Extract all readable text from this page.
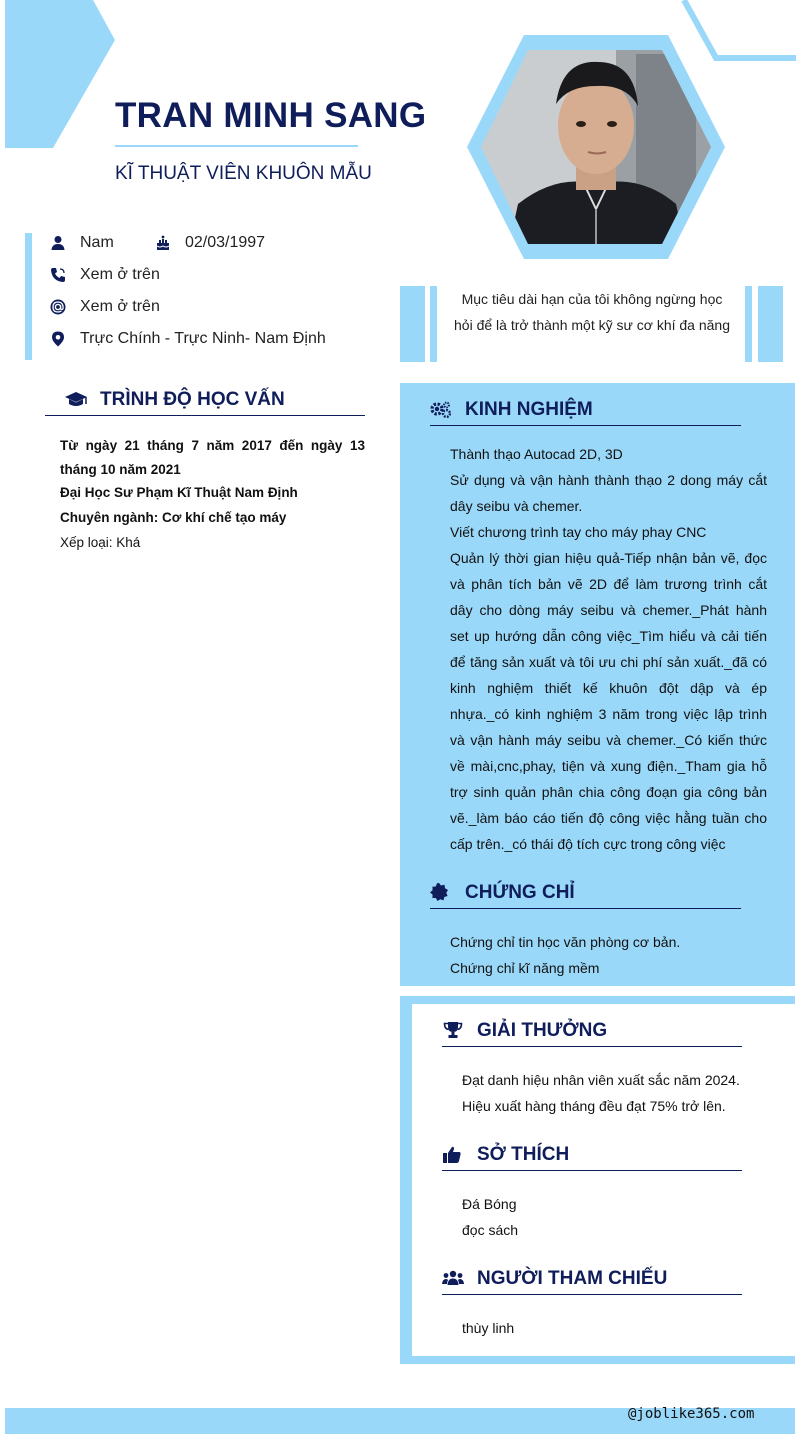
TRAN MINH SANG
KĨ THUẬT VIÊN KHUÔN MẪU
Nam	02/03/1997
Xem ở trên
Xem ở trên
Trực Chính - Trực Ninh- Nam Định
Mục tiêu dài hạn của tôi không ngừng học hỏi để là trở thành một kỹ sư cơ khí đa năng
TRÌNH ĐỘ HỌC VẤN
Từ ngày 21 tháng 7 năm 2017 đến ngày 13 tháng 10 năm 2021
Đại Học Sư Phạm Kĩ Thuật Nam Định
Chuyên ngành: Cơ khí chế tạo máy
Xếp loại: Khá
KINH NGHIỆM
Thành thạo Autocad 2D, 3D
Sử dụng và vận hành thành thạo 2 dong máy cắt dây seibu và chemer.
Viết chương trình tay cho máy phay CNC
Quản lý thời gian hiệu quả-Tiếp nhận bản vẽ, đọc và phân tích bản vẽ 2D để làm trương trình cắt dây cho dòng máy seibu và chemer._Phát hành set up hướng dẫn công việc_Tìm hiểu và cải tiến để tăng sản xuất và tôi ưu chi phí sản xuất._đã có kinh nghiệm thiết kế khuôn đột dập và ép nhựa._có kinh nghiệm 3 năm trong việc lập trình và vận hành máy seibu và chemer._Có kiến thức về mài,cnc,phay, tiện và xung điện._Tham gia hỗ trợ sinh quản phân chia công đoạn gia công bản vẽ._làm báo cáo tiến độ công việc hằng tuần cho cấp trên._có thái độ tích cực trong công việc
CHỨNG CHỈ
Chứng chỉ tin học văn phòng cơ bản.
Chứng chỉ kĩ năng mềm
GIẢI THƯỞNG
Đạt danh hiệu nhân viên xuất sắc năm 2024.
Hiệu xuất hàng tháng đều đạt 75% trở lên.
SỞ THÍCH
Đá Bóng
đọc sách
NGƯỜI THAM CHIẾU
thùy linh
@joblike365.com
